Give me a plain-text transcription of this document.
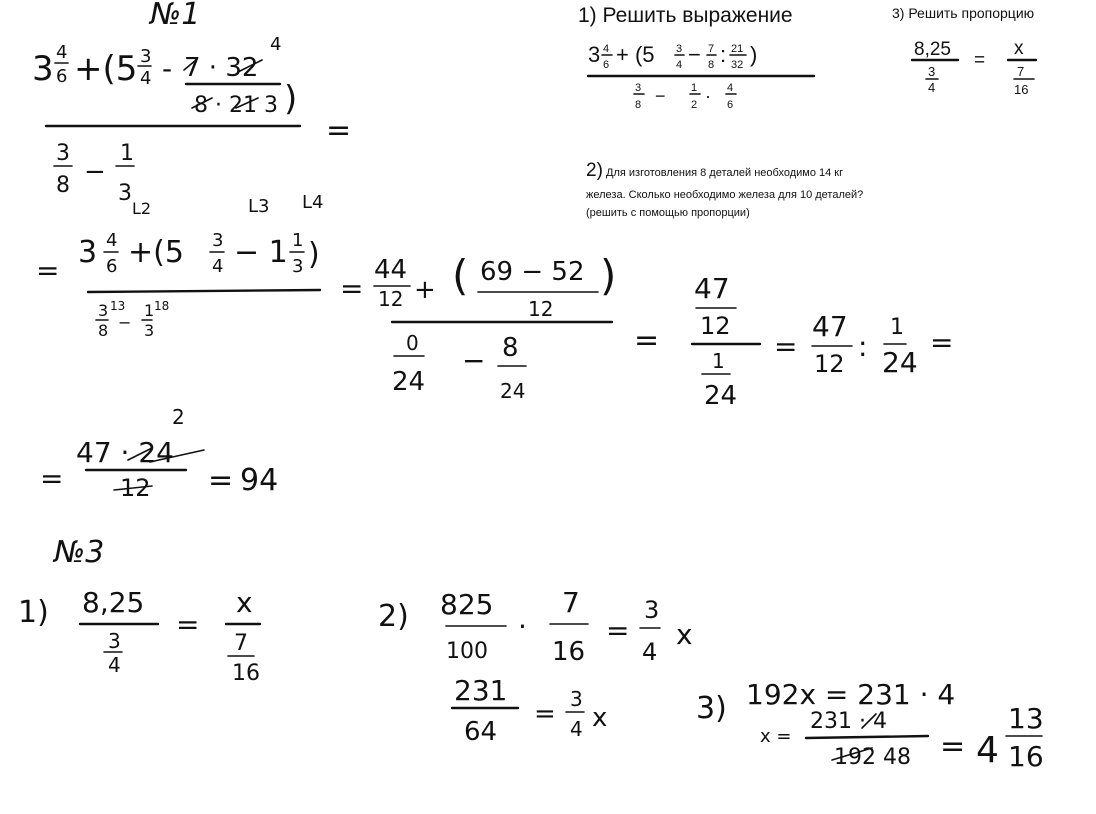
1) Решить выражение	3) Решить пропорцию
3 4
6 + (5 3
4 − 7
8 : 21
32 )
3
8 − 1
2 · 4
6
8,25
3
4
=
x
7
16
2) Для изготовления 8 деталей необходимо 14 кг
железа. Сколько необходимо железа для 10 деталей?
(решить с помощью пропорции)
№1
3 4
6 +(5 3
4 - 7 · 32
4
8 · 21 3 )
=
3
8 −
1
3
L2	L3 L4
=
3 4
6 +(5 3
4 − 1 1
3 )
3 13
8 −
1 18
3
=
44
12 + ( 69 − 52
12
)
0
24
− 8
24
=
47
12
1
24
=
47
12
:
1
24
=
2
=
47 · 24
12 = 94
№3
1) 8,25
3
4
=
x
7
16
2) 825
100
·
7
16
=
3
4
x
231
64
= 3
4 x	3) 192x = 231 · 4
x =
231 · 4
192 48 = 4
13
16
